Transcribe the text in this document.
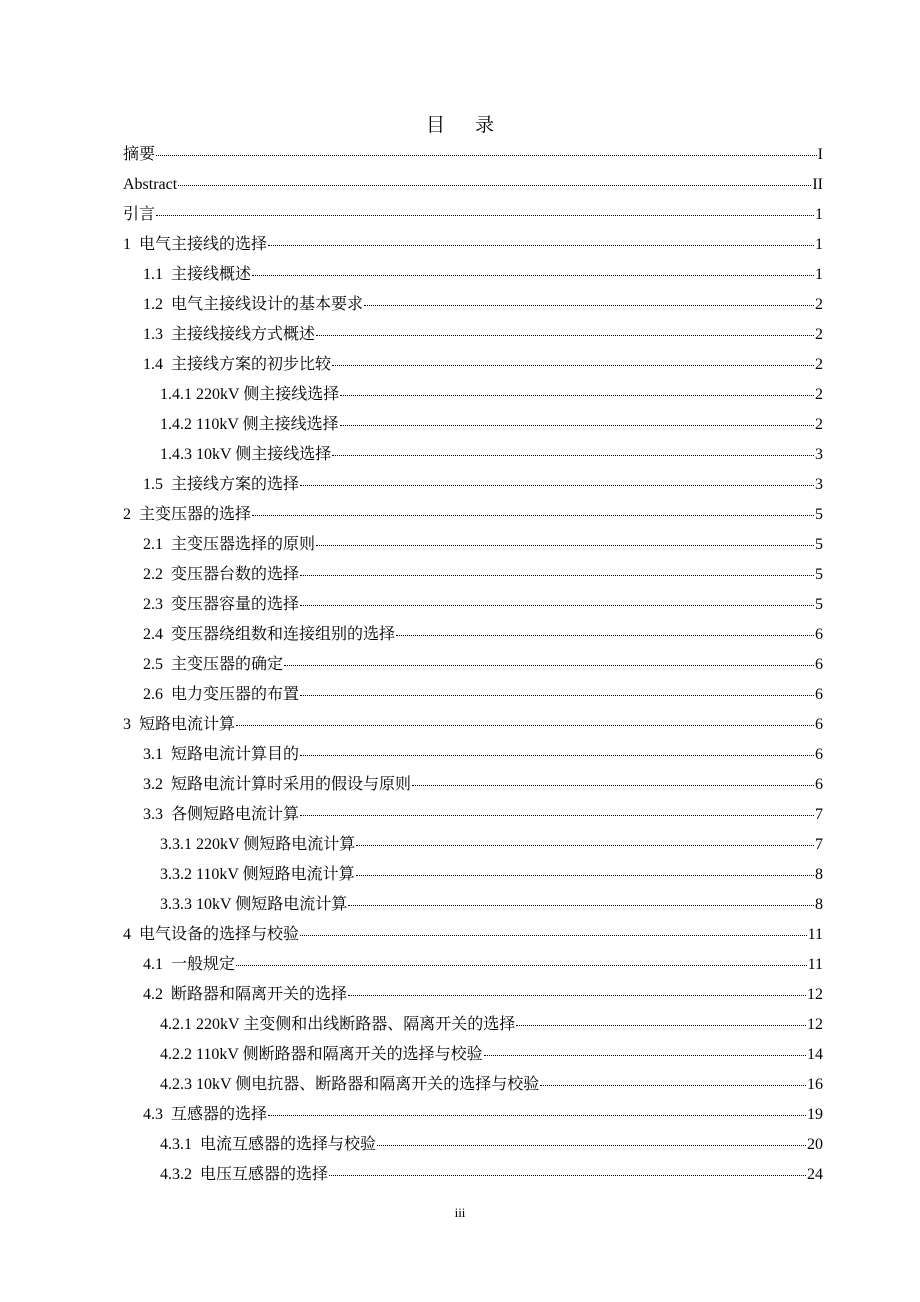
目 录
摘要	I
Abstract	II
引言	1
1 电气主接线的选择	1
1.1 主接线概述	1
1.2 电气主接线设计的基本要求	2
1.3 主接线接线方式概述	2
1.4 主接线方案的初步比较	2
1.4.1 220kV 侧主接线选择	2
1.4.2 110kV 侧主接线选择	2
1.4.3 10kV 侧主接线选择	3
1.5 主接线方案的选择	3
2 主变压器的选择	5
2.1 主变压器选择的原则	5
2.2 变压器台数的选择	5
2.3 变压器容量的选择	5
2.4 变压器绕组数和连接组别的选择	6
2.5 主变压器的确定	6
2.6 电力变压器的布置	6
3 短路电流计算	6
3.1 短路电流计算目的	6
3.2 短路电流计算时采用的假设与原则	6
3.3 各侧短路电流计算	7
3.3.1 220kV 侧短路电流计算	7
3.3.2 110kV 侧短路电流计算	8
3.3.3 10kV 侧短路电流计算	8
4 电气设备的选择与校验	11
4.1 一般规定	11
4.2 断路器和隔离开关的选择	12
4.2.1 220kV 主变侧和出线断路器、隔离开关的选择	12
4.2.2 110kV 侧断路器和隔离开关的选择与校验	14
4.2.3 10kV 侧电抗器、断路器和隔离开关的选择与校验	16
4.3 互感器的选择	19
4.3.1 电流互感器的选择与校验	20
4.3.2 电压互感器的选择	24
iii
